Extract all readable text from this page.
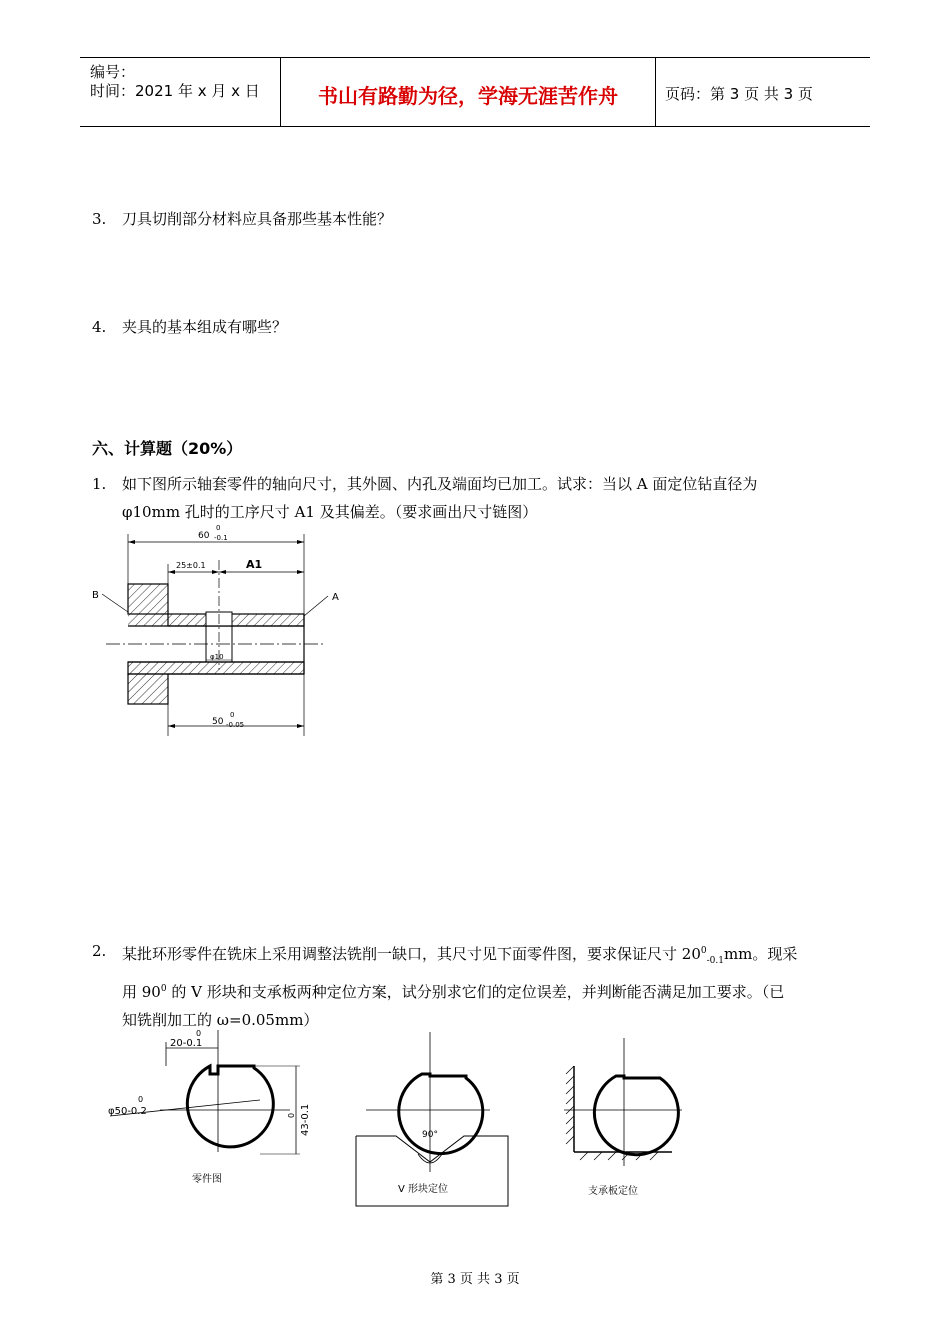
编号：
时间：2021 年 x 月 x 日	书山有路勤为径，学海无涯苦作舟	页码：第 3 页 共 3 页
3. 刀具切削部分材料应具备那些基本性能？
4. 夹具的基本组成有哪些？
六、计算题（20%）
1. 如下图所示轴套零件的轴向尺寸，其外圆、内孔及端面均已加工。试求：当以 A 面定位钻直径为
φ10mm 孔时的工序尺寸 A1 及其偏差。（要求画出尺寸链图）
60
0
-0.1
25±0.1	A1
B	A
φ10
50
0
-0.05
2. 某批环形零件在铣床上采用调整法铣削一缺口，其尺寸见下面零件图，要求保证尺寸 $20^0_{-0.1}mm$。现采
用 $90^0$ 的 V 形块和支承板两种定位方案，试分别求它们的定位误差，并判断能否满足加工要求。（已
知铣削加工的 ω=0.05mm）
0
20-0.1
0
φ50-0.2	0 43-0.1
零件图
90°
V 形块定位	支承板定位
第 3 页 共 3 页
